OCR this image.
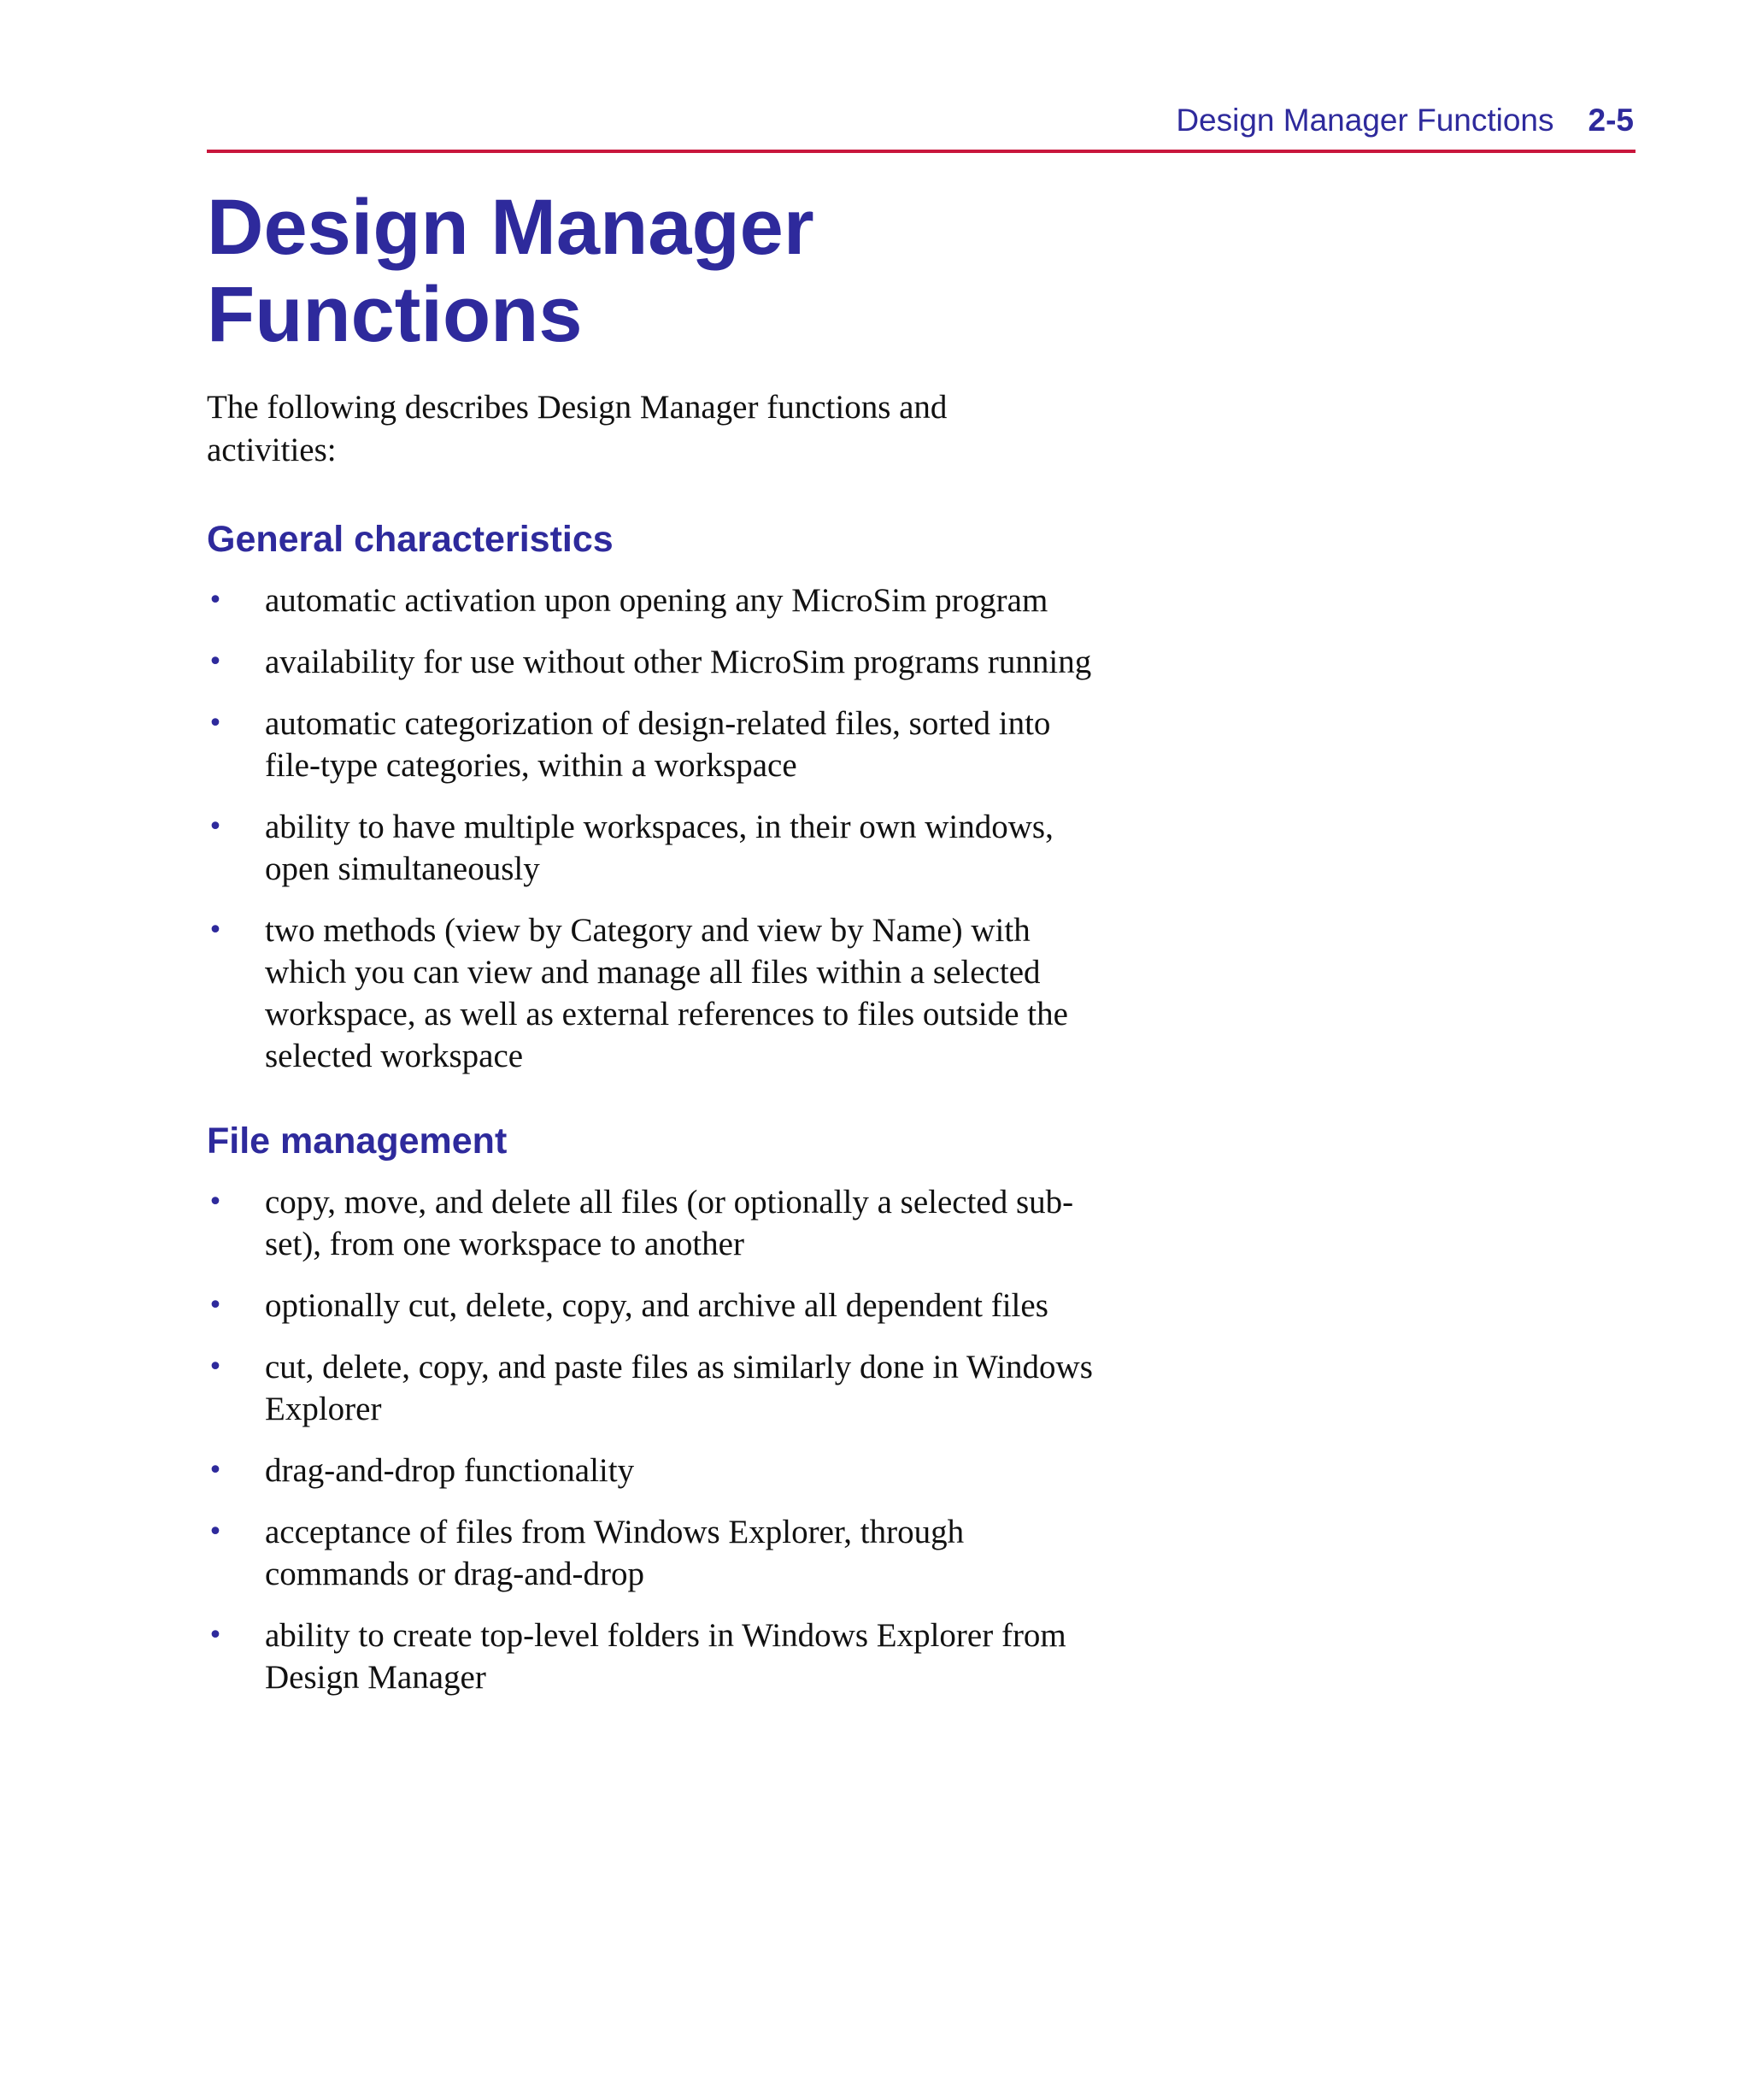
Design Manager Functions 2-5
Design Manager
Functions

The following describes Design Manager functions and activities:

General characteristics
• automatic activation upon opening any MicroSim program
• availability for use without other MicroSim programs running
• automatic categorization of design-related files, sorted into file-type categories, within a workspace
• ability to have multiple workspaces, in their own windows, open simultaneously
• two methods (view by Category and view by Name) with which you can view and manage all files within a selected workspace, as well as external references to files outside the selected workspace
File management
• copy, move, and delete all files (or optionally a selected sub-set), from one workspace to another
• optionally cut, delete, copy, and archive all dependent files
• cut, delete, copy, and paste files as similarly done in Windows Explorer
• drag-and-drop functionality
• acceptance of files from Windows Explorer, through commands or drag-and-drop
• ability to create top-level folders in Windows Explorer from Design Manager
